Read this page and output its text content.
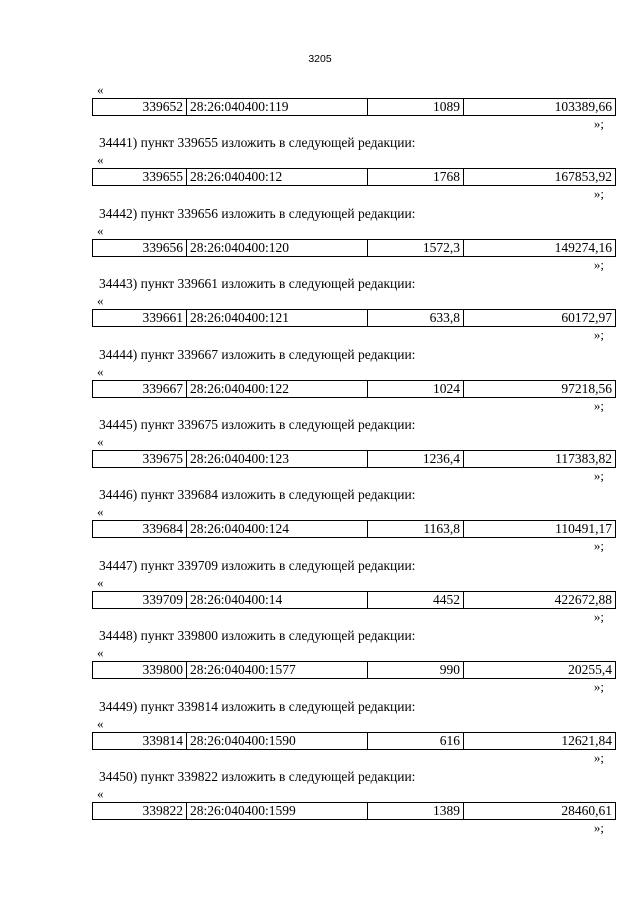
3205
«
339652	28:26:040400:119	1089	103389,66
»;
34441) пункт 339655 изложить в следующей редакции:
«
339655	28:26:040400:12	1768	167853,92
»;
34442) пункт 339656 изложить в следующей редакции:
«
339656	28:26:040400:120	1572,3	149274,16
»;
34443) пункт 339661 изложить в следующей редакции:
«
339661	28:26:040400:121	633,8	60172,97
»;
34444) пункт 339667 изложить в следующей редакции:
«
339667	28:26:040400:122	1024	97218,56
»;
34445) пункт 339675 изложить в следующей редакции:
«
339675	28:26:040400:123	1236,4	117383,82
»;
34446) пункт 339684 изложить в следующей редакции:
«
339684	28:26:040400:124	1163,8	110491,17
»;
34447) пункт 339709 изложить в следующей редакции:
«
339709	28:26:040400:14	4452	422672,88
»;
34448) пункт 339800 изложить в следующей редакции:
«
339800	28:26:040400:1577	990	20255,4
»;
34449) пункт 339814 изложить в следующей редакции:
«
339814	28:26:040400:1590	616	12621,84
»;
34450) пункт 339822 изложить в следующей редакции:
«
339822	28:26:040400:1599	1389	28460,61
»;
